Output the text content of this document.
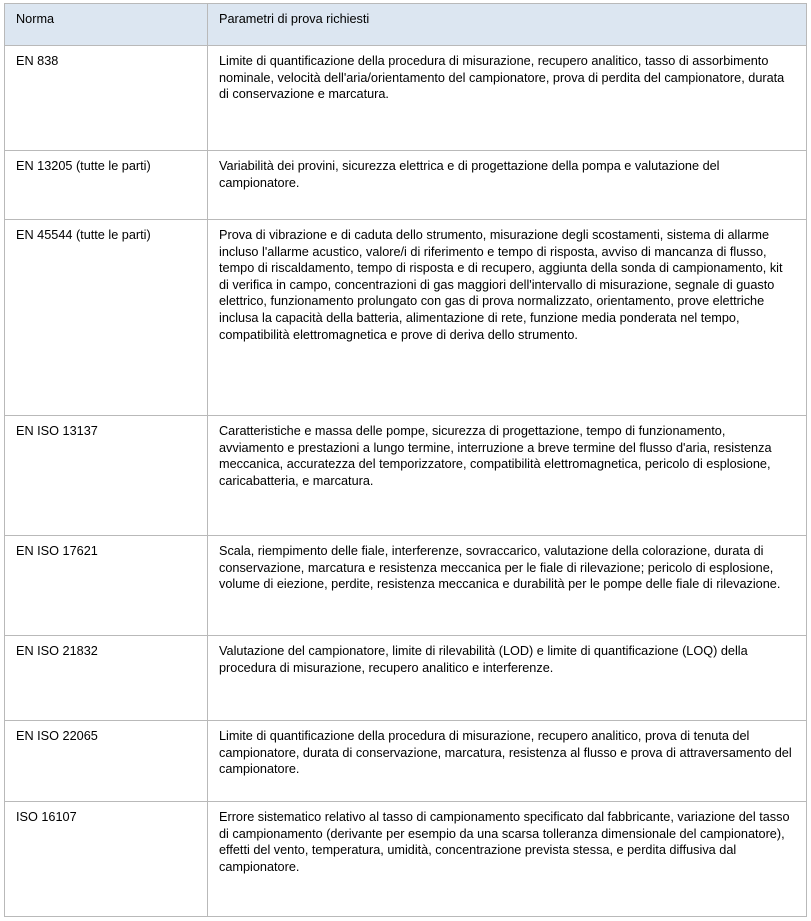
Norma	Parametri di prova richiesti
EN 838	Limite di quantificazione della procedura di misurazione, recupero analitico, tasso di assorbimento nominale, velocità dell'aria/orientamento del campionatore, prova di perdita del campionatore, durata di conservazione e marcatura.
EN 13205 (tutte le parti)	Variabilità dei provini, sicurezza elettrica e di progettazione della pompa e valutazione del campionatore.
EN 45544 (tutte le parti)	Prova di vibrazione e di caduta dello strumento, misurazione degli scostamenti, sistema di allarme incluso l'allarme acustico, valore/i di riferimento e tempo di risposta, avviso di mancanza di flusso, tempo di riscaldamento, tempo di risposta e di recupero, aggiunta della sonda di campionamento, kit di verifica in campo, concentrazioni di gas maggiori dell'intervallo di misurazione, segnale di guasto elettrico, funzionamento prolungato con gas di prova normalizzato, orientamento, prove elettriche inclusa la capacità della batteria, alimentazione di rete, funzione media ponderata nel tempo, compatibilità elettromagnetica e prove di deriva dello strumento.
EN ISO 13137	Caratteristiche e massa delle pompe, sicurezza di progettazione, tempo di funzionamento, avviamento e prestazioni a lungo termine, interruzione a breve termine del flusso d'aria, resistenza meccanica, accuratezza del temporizzatore, compatibilità elettromagnetica, pericolo di esplosione, caricabatteria, e marcatura.
EN ISO 17621	Scala, riempimento delle fiale, interferenze, sovraccarico, valutazione della colorazione, durata di conservazione, marcatura e resistenza meccanica per le fiale di rilevazione; pericolo di esplosione, volume di eiezione, perdite, resistenza meccanica e durabilità per le pompe delle fiale di rilevazione.
EN ISO 21832	Valutazione del campionatore, limite di rilevabilità (LOD) e limite di quantificazione (LOQ) della procedura di misurazione, recupero analitico e interferenze.
EN ISO 22065	Limite di quantificazione della procedura di misurazione, recupero analitico, prova di tenuta del campionatore, durata di conservazione, marcatura, resistenza al flusso e prova di attraversamento del campionatore.
ISO 16107	Errore sistematico relativo al tasso di campionamento specificato dal fabbricante, variazione del tasso di campionamento (derivante per esempio da una scarsa tolleranza dimensionale del campionatore), effetti del vento, temperatura, umidità, concentrazione prevista stessa, e perdita diffusiva dal campionatore.
